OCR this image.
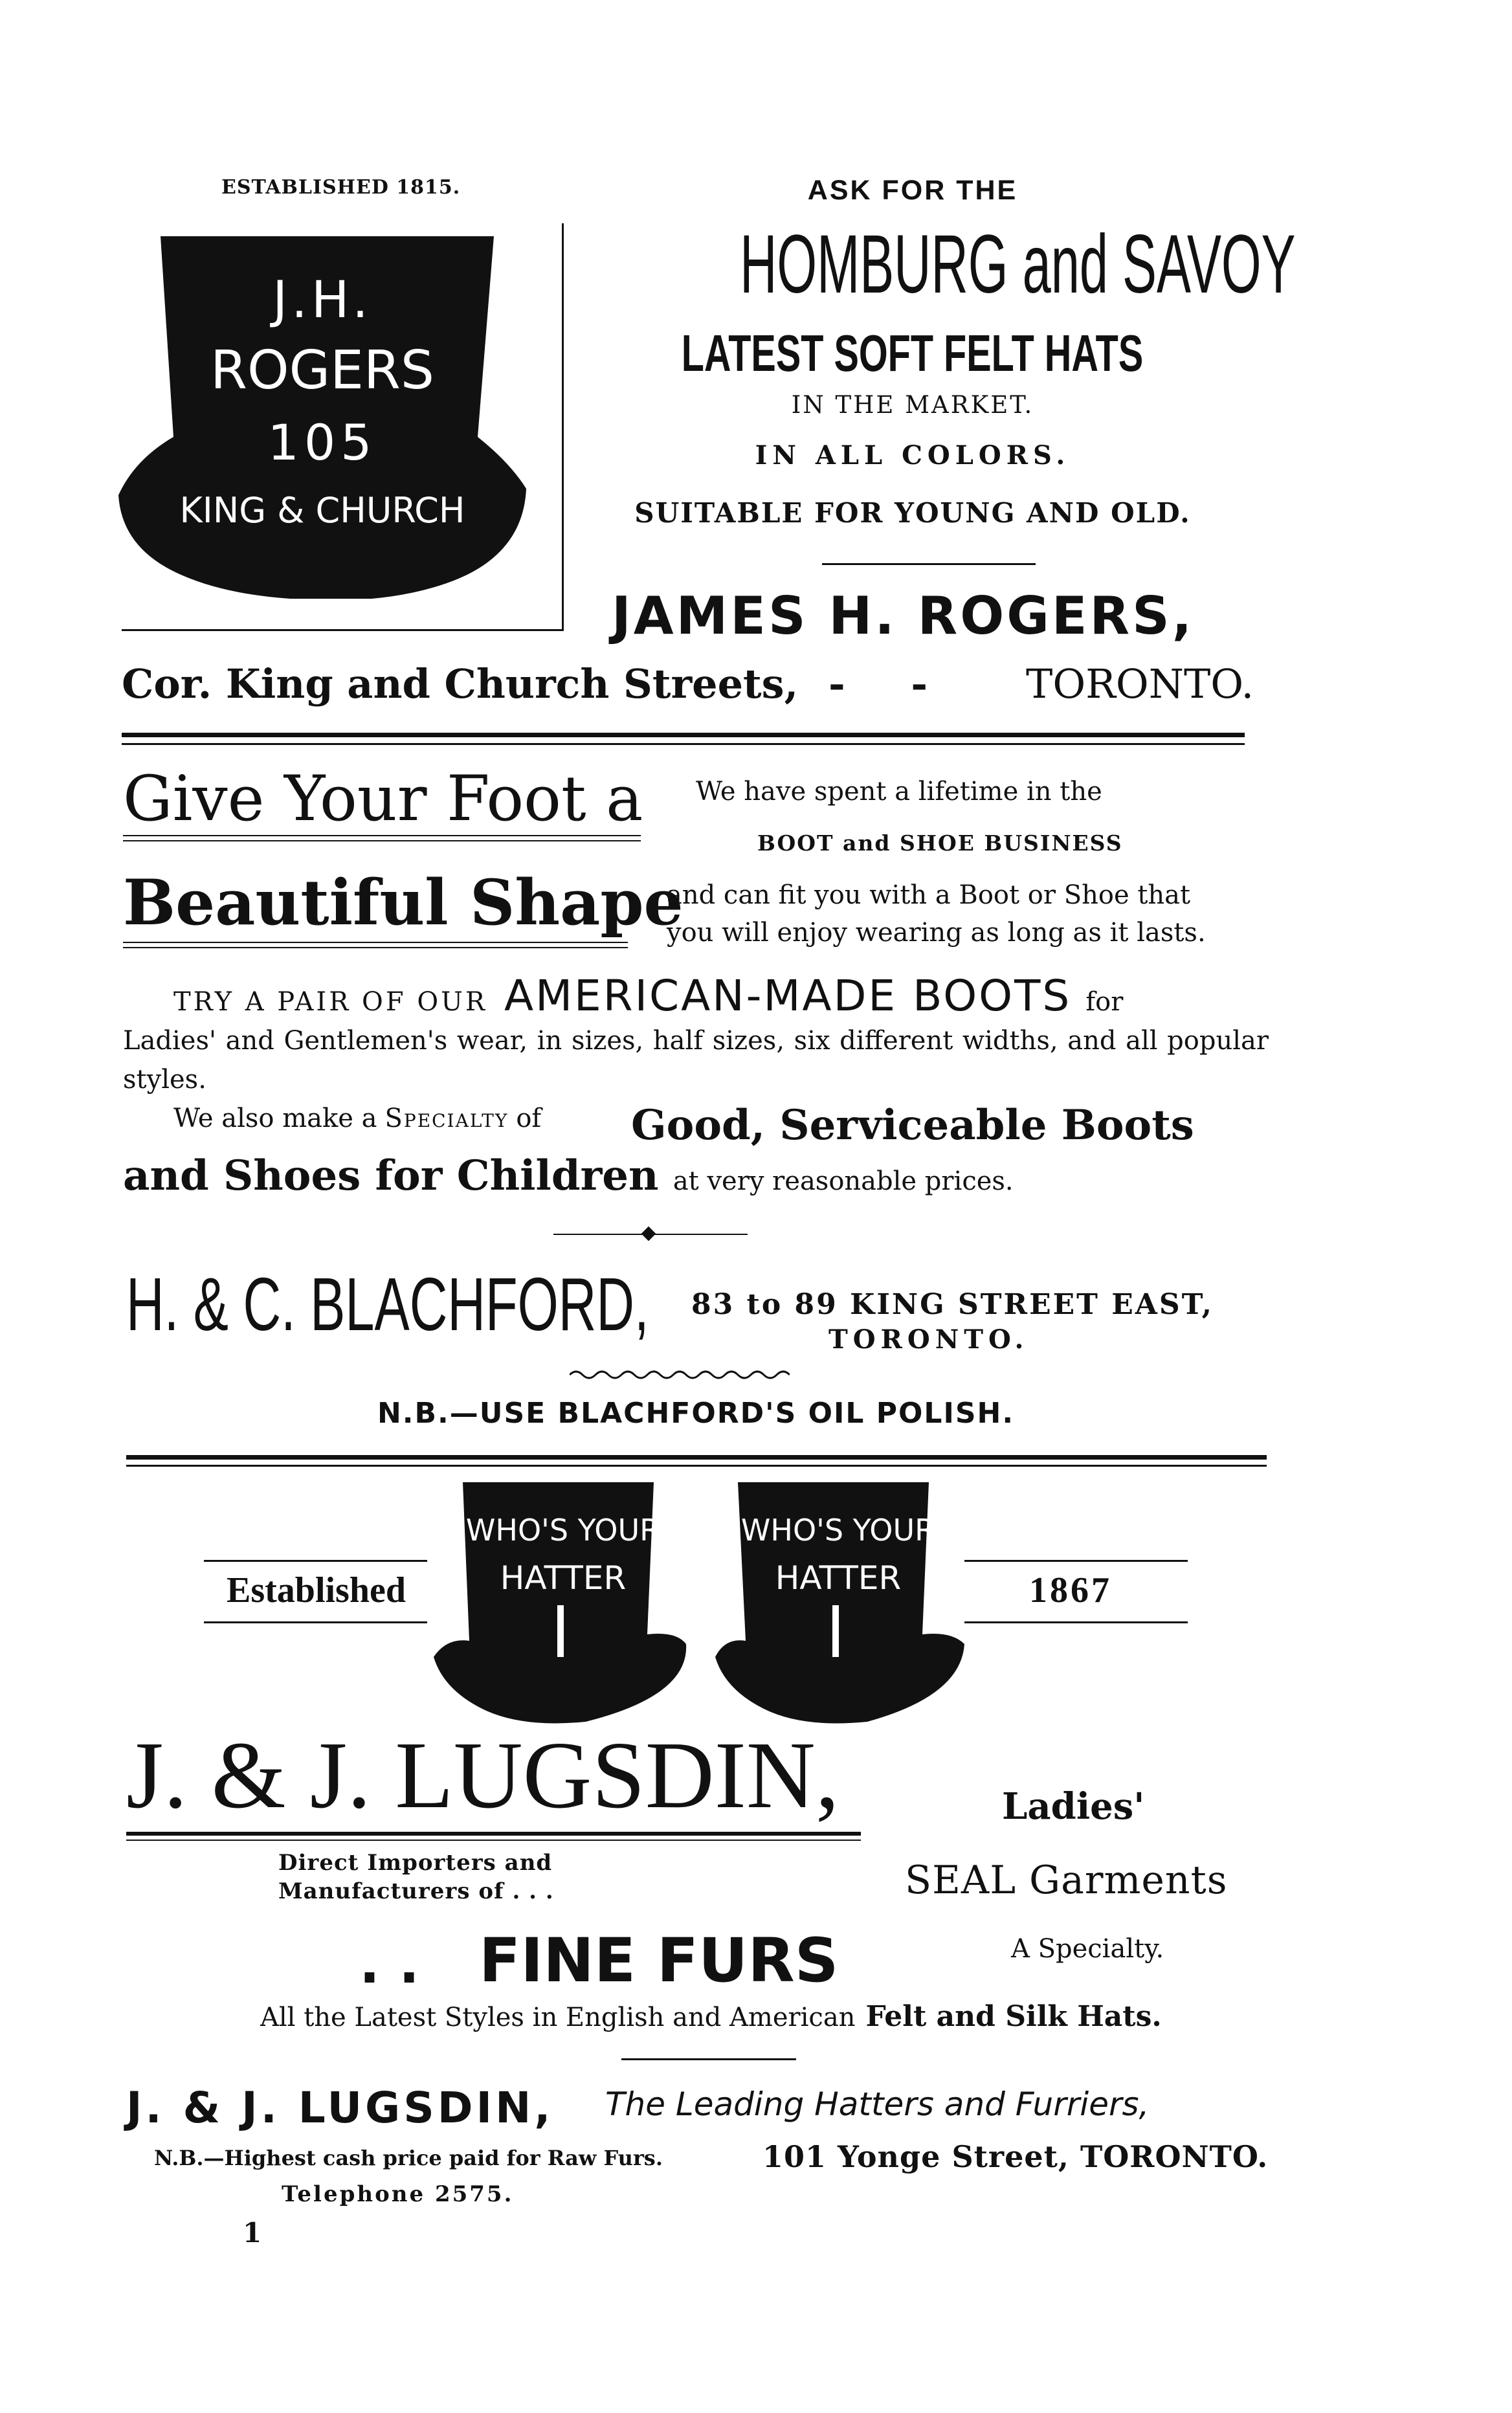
ESTABLISHED 1815.
J.H.
ROGERS
105
KING & CHURCH
ASK FOR THE
HOMBURG and SAVOY
LATEST SOFT FELT HATS
IN THE MARKET.
IN ALL COLORS.
SUITABLE FOR YOUNG AND OLD.
JAMES H. ROGERS,
Cor. King and Church Streets, - - TORONTO.
Give Your Foot a
Beautiful Shape
We have spent a lifetime in the
BOOT and SHOE BUSINESS
and can fit you with a Boot or Shoe that
you will enjoy wearing as long as it lasts.
TRY A PAIR OF OUR AMERICAN-MADE BOOTS for
Ladies' and Gentlemen's wear, in sizes, half sizes, six different widths, and all popular styles.
We also make a Specialty of	Good, Serviceable Boots and Shoes for Children at very reasonable prices.
H. & C. BLACHFORD,	83 to 89 KING STREET EAST,
TORONTO.
N.B.—USE BLACHFORD'S OIL POLISH.
Established
WHO'S YOUR
HATTER
WHO'S YOUR
HATTER	1867
J. & J. LUGSDIN,
Direct Importers and
Manufacturers of . . .
. . FINE FURS
Ladies'
SEAL Garments
A Specialty.
All the Latest Styles in English and American Felt and Silk Hats.
J. & J. LUGSDIN, The Leading Hatters and Furriers,
N.B.—Highest cash price paid for Raw Furs.	101 Yonge Street, TORONTO.
Telephone 2575.
1
